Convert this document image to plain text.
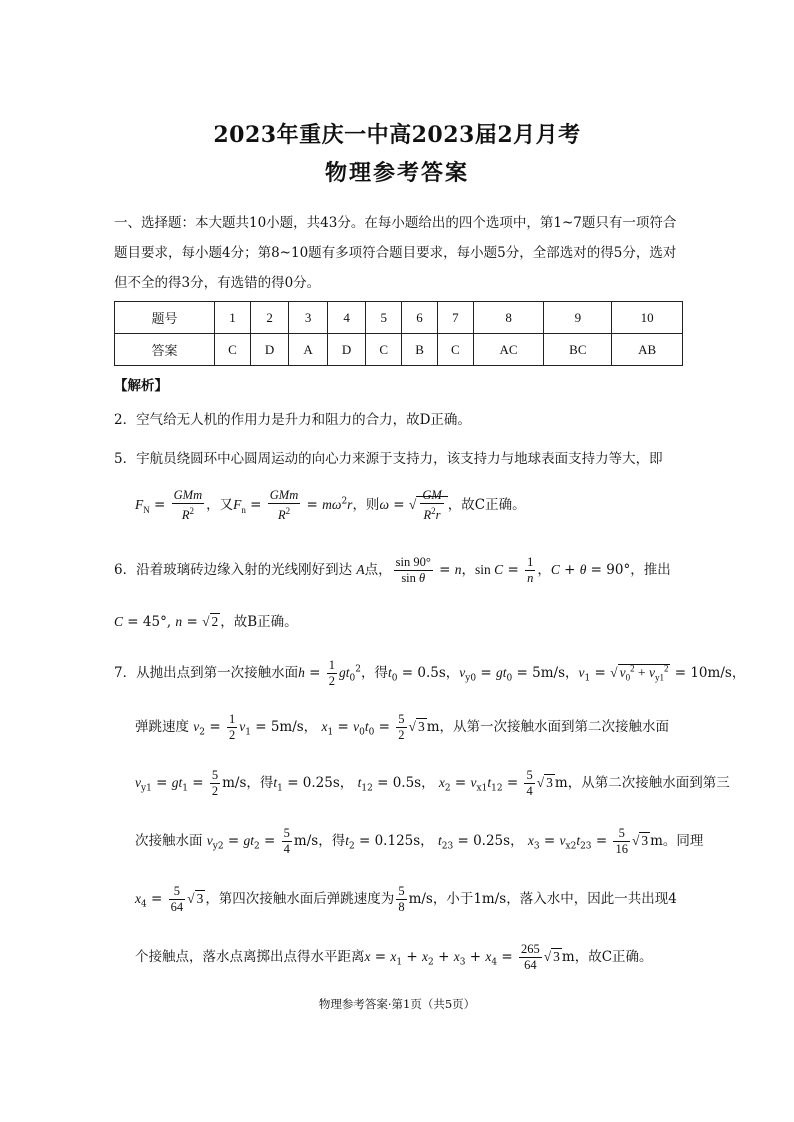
2023年重庆一中高2023届2月月考
物理参考答案

一、选择题：本大题共10小题，共43分。在每小题给出的四个选项中，第1~7题只有一项符合题目要求，每小题4分；第8~10题有多项符合题目要求，每小题5分，全部选对的得5分，选对但不全的得3分，有选错的得0分。

题号	1	2	3	4	5	6	7	8	9	10
答案	C	D	A	D	C	B	C	AC	BC	AB
【解析】
2．空气给无人机的作用力是升力和阻力的合力，故D正确。
5．宇航员绕圆环中心圆周运动的向心力来源于支持力，该支持力与地球表面支持力等大，即
$F_N = \frac{\text{GMm}}{R^2}$ ，又$F_n = \frac{\text{GMm}}{R^2} = m\omega^2r$，则ω = √ $\frac{GM}{R^2r}$ ，故C正确。
6．沿着玻璃砖边缘入射的光线刚好到达 A点， $\frac{\sin 90^\circ}{\text{sin θ}} = n$，$\sin C = \frac{1}{n}$ ，C + θ = 90°，推出
C = 45°, n = √ 2 ，故B正确。
7．从抛出点到第一次接触水面$h = \frac{1}{2} gt_0^2$，得$t_0 = 0.5s$，$v_{y0} = gt_0 = 5m/s$，$v_1$ = √ $v_0^2 + v_{y1}^2 = 10m/s$，
弹跳速度 $v_2 = \frac{1}{2} v_1 = 5m/s$， $x_1 = v_0t_0 = \frac{5}{2}$ √ 3 m，从第一次接触水面到第二次接触水面
$v_{y1} = gt_1 = \frac{5}{2} m/s$，得$t_1 = 0.25s$， $t_{12} = 0.5s$， $x_2 = v_{x1}t_{12} = \frac{5}{4}$ √ 3 m，从第二次接触水面到第三
次接触水面 $v_{y2} = gt_2 = \frac{5}{4} m/s$，得$t_2 = 0.125s$， $t_{23} = 0.25s$， $x_3 = v_{x2}t_{23} = \frac{5}{16}$ √ 3 m。同理
$x_4 = \frac{5}{64}$ √ 3 ，第四次接触水面后弹跳速度为 $\frac{5}{8} m/s$，小于1m/s，落入水中，因此一共出现4
个接触点，落水点离掷出点得水平距离$x = x_1 + x_2 + x_3 + x_4 = \frac{265}{64}$ √ 3 m，故C正确。
物理参考答案·第1页（共5页）
